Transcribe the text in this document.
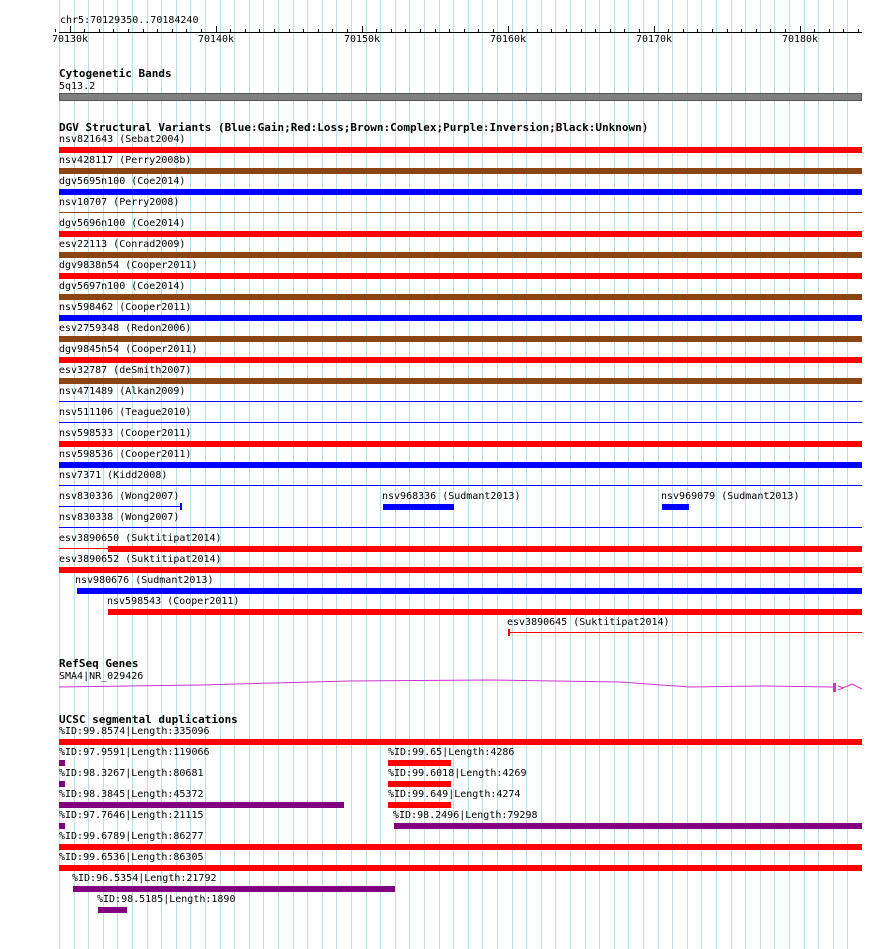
chr5:70129350..70184240
70130k	70140k	70150k	70160k	70170k	70180k
Cytogenetic Bands
5q13.2
DGV Structural Variants (Blue:Gain;Red:Loss;Brown:Complex;Purple:Inversion;Black:Unknown)
nsv821643 (Sebat2004)
nsv428117 (Perry2008b)
dgv5695n100 (Coe2014)
nsv10707 (Perry2008)
dgv5696n100 (Coe2014)
esv22113 (Conrad2009)
dgv9838n54 (Cooper2011)
dgv5697n100 (Coe2014)
nsv598462 (Cooper2011)
esv2759348 (Redon2006)
dgv9845n54 (Cooper2011)
esv32787 (deSmith2007)
nsv471489 (Alkan2009)
nsv511106 (Teague2010)
nsv598533 (Cooper2011)
nsv598536 (Cooper2011)
nsv7371 (Kidd2008)
nsv830336 (Wong2007)	nsv968336 (Sudmant2013)	nsv969079 (Sudmant2013)
nsv830338 (Wong2007)
esv3890650 (Suktitipat2014)
esv3890652 (Suktitipat2014)
nsv980676 (Sudmant2013)
nsv598543 (Cooper2011)
esv3890645 (Suktitipat2014)
RefSeq Genes
SMA4|NR_029426
UCSC segmental duplications
%ID:99.8574|Length:335096
%ID:97.9591|Length:119066	%ID:99.65|Length:4286
%ID:98.3267|Length:80681	%ID:99.6018|Length:4269
%ID:98.3845|Length:45372	%ID:99.649|Length:4274
%ID:97.7646|Length:21115	%ID:98.2496|Length:79298
%ID:99.6789|Length:86277
%ID:99.6536|Length:86305
%ID:96.5354|Length:21792
%ID:98.5185|Length:1890
